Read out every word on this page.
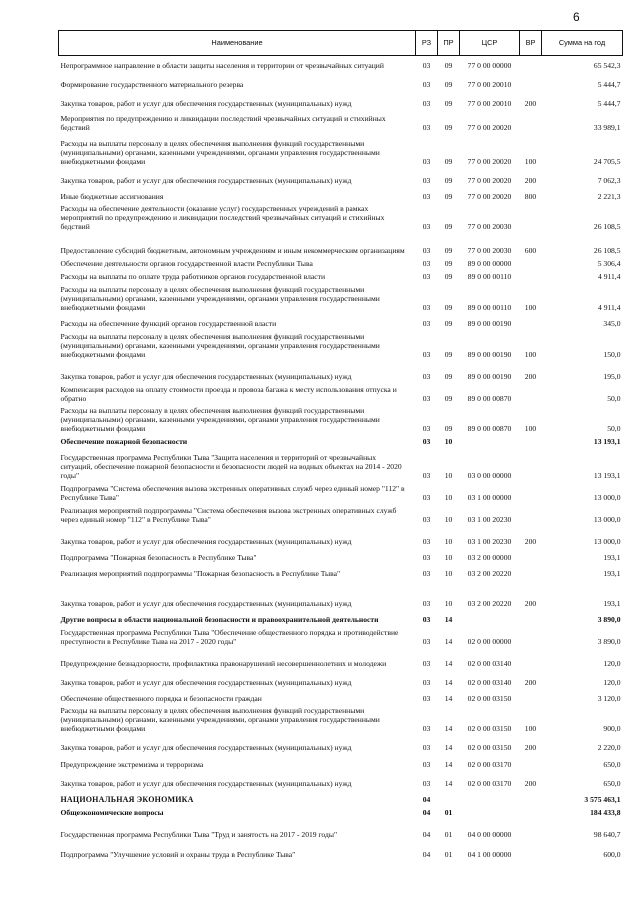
6
Наименование	РЗ	ПР	ЦСР	ВР	Сумма на год
Непрограммное направление в области защиты населения и территории от чрезвычайных ситуаций	03	09	77 0 00 00000		65 542,3
Формирование государственного материального резерва	03	09	77 0 00 20010		5 444,7
Закупка товаров, работ и услуг для обеспечения государственных (муниципальных) нужд	03	09	77 0 00 20010	200	5 444,7
Мероприятия по предупреждению и ликвидации последствий чрезвычайных ситуаций и стихийных бедствий	03	09	77 0 00 20020		33 989,1
Расходы на выплаты персоналу в целях обеспечения выполнения функций государственными (муниципальными) органами, казенными учреждениями, органами управления государственными внебюджетными фондами	03	09	77 0 00 20020	100	24 705,5
Закупка товаров, работ и услуг для обеспечения государственных (муниципальных) нужд	03	09	77 0 00 20020	200	7 062,3
Иные бюджетные ассигнования	03	09	77 0 00 20020	800	2 221,3
Расходы на обеспечение деятельности (оказание услуг) государственных учреждений в рамках мероприятий по предупреждению и ликвидации последствий чрезвычайных ситуаций и стихийных бедствий	03	09	77 0 00 20030		26 108,5
Предоставление субсидий бюджетным, автономным учреждениям и иным некоммерческим организациям	03	09	77 0 00 20030	600	26 108,5
Обеспечение деятельности органов государственной власти Республики Тыва	03	09	89 0 00 00000		5 306,4
Расходы на выплаты по оплате труда работников органов государственной власти	03	09	89 0 00 00110		4 911,4
Расходы на выплаты персоналу в целях обеспечения выполнения функций государственными (муниципальными) органами, казенными учреждениями, органами управления государственными внебюджетными фондами	03	09	89 0 00 00110	100	4 911,4
Расходы на обеспечение функций органов государственной власти	03	09	89 0 00 00190		345,0
Расходы на выплаты персоналу в целях обеспечения выполнения функций государственными (муниципальными) органами, казенными учреждениями, органами управления государственными внебюджетными фондами	03	09	89 0 00 00190	100	150,0
Закупка товаров, работ и услуг для обеспечения государственных (муниципальных) нужд	03	09	89 0 00 00190	200	195,0
Компенсация расходов на оплату стоимости проезда и провоза багажа к месту использования отпуска и обратно	03	09	89 0 00 00870		50,0
Расходы на выплаты персоналу в целях обеспечения выполнения функций государственными (муниципальными) органами, казенными учреждениями, органами управления государственными внебюджетными фондами	03	09	89 0 00 00870	100	50,0
Обеспечение пожарной безопасности	03	10			13 193,1
Государственная программа Республики Тыва "Защита населения и территорий от чрезвычайных ситуаций, обеспечение пожарной безопасности и безопасности людей на водных объектах на 2014 - 2020 годы"	03	10	03 0 00 00000		13 193,1
Подпрограмма "Система обеспечения вызова экстренных оперативных служб через единый номер "112" в Республике Тыва"	03	10	03 1 00 00000		13 000,0
Реализация мероприятий подпрограммы "Система обеспечения вызова экстренных оперативных служб через единый номер "112" в Республике Тыва"	03	10	03 1 00 20230		13 000,0
Закупка товаров, работ и услуг для обеспечения государственных (муниципальных) нужд	03	10	03 1 00 20230	200	13 000,0
Подпрограмма "Пожарная безопасность в Республике Тыва"	03	10	03 2 00 00000		193,1
Реализация мероприятий подпрограммы "Пожарная безопасность в Республике Тыва"	03	10	03 2 00 20220		193,1
Закупка товаров, работ и услуг для обеспечения государственных (муниципальных) нужд	03	10	03 2 00 20220	200	193,1
Другие вопросы в области национальной безопасности и правоохранительной деятельности	03	14			3 890,0
Государственная программа Республики Тыва "Обеспечение общественного порядка и противодействие преступности в Республике Тыва на 2017 - 2020 годы"	03	14	02 0 00 00000		3 890,0
Предупреждение безнадзорности, профилактика правонарушений несовершеннолетних и молодежи	03	14	02 0 00 03140		120,0
Закупка товаров, работ и услуг для обеспечения государственных (муниципальных) нужд	03	14	02 0 00 03140	200	120,0
Обеспечение общественного порядка и безопасности граждан	03	14	02 0 00 03150		3 120,0
Расходы на выплаты персоналу в целях обеспечения выполнения функций государственными (муниципальными) органами, казенными учреждениями, органами управления государственными внебюджетными фондами	03	14	02 0 00 03150	100	900,0
Закупка товаров, работ и услуг для обеспечения государственных (муниципальных) нужд	03	14	02 0 00 03150	200	2 220,0
Предупреждение экстремизма и терроризма	03	14	02 0 00 03170		650,0
Закупка товаров, работ и услуг для обеспечения государственных (муниципальных) нужд	03	14	02 0 00 03170	200	650,0
НАЦИОНАЛЬНАЯ ЭКОНОМИКА	04				3 575 463,1
Общеэкономические вопросы	04	01			184 433,8
Государственная программа Республики Тыва "Труд и занятость на 2017 - 2019 годы"	04	01	04 0 00 00000		98 640,7
Подпрограмма "Улучшение условий и охраны труда в Республике Тыва"	04	01	04 1 00 00000		600,0
